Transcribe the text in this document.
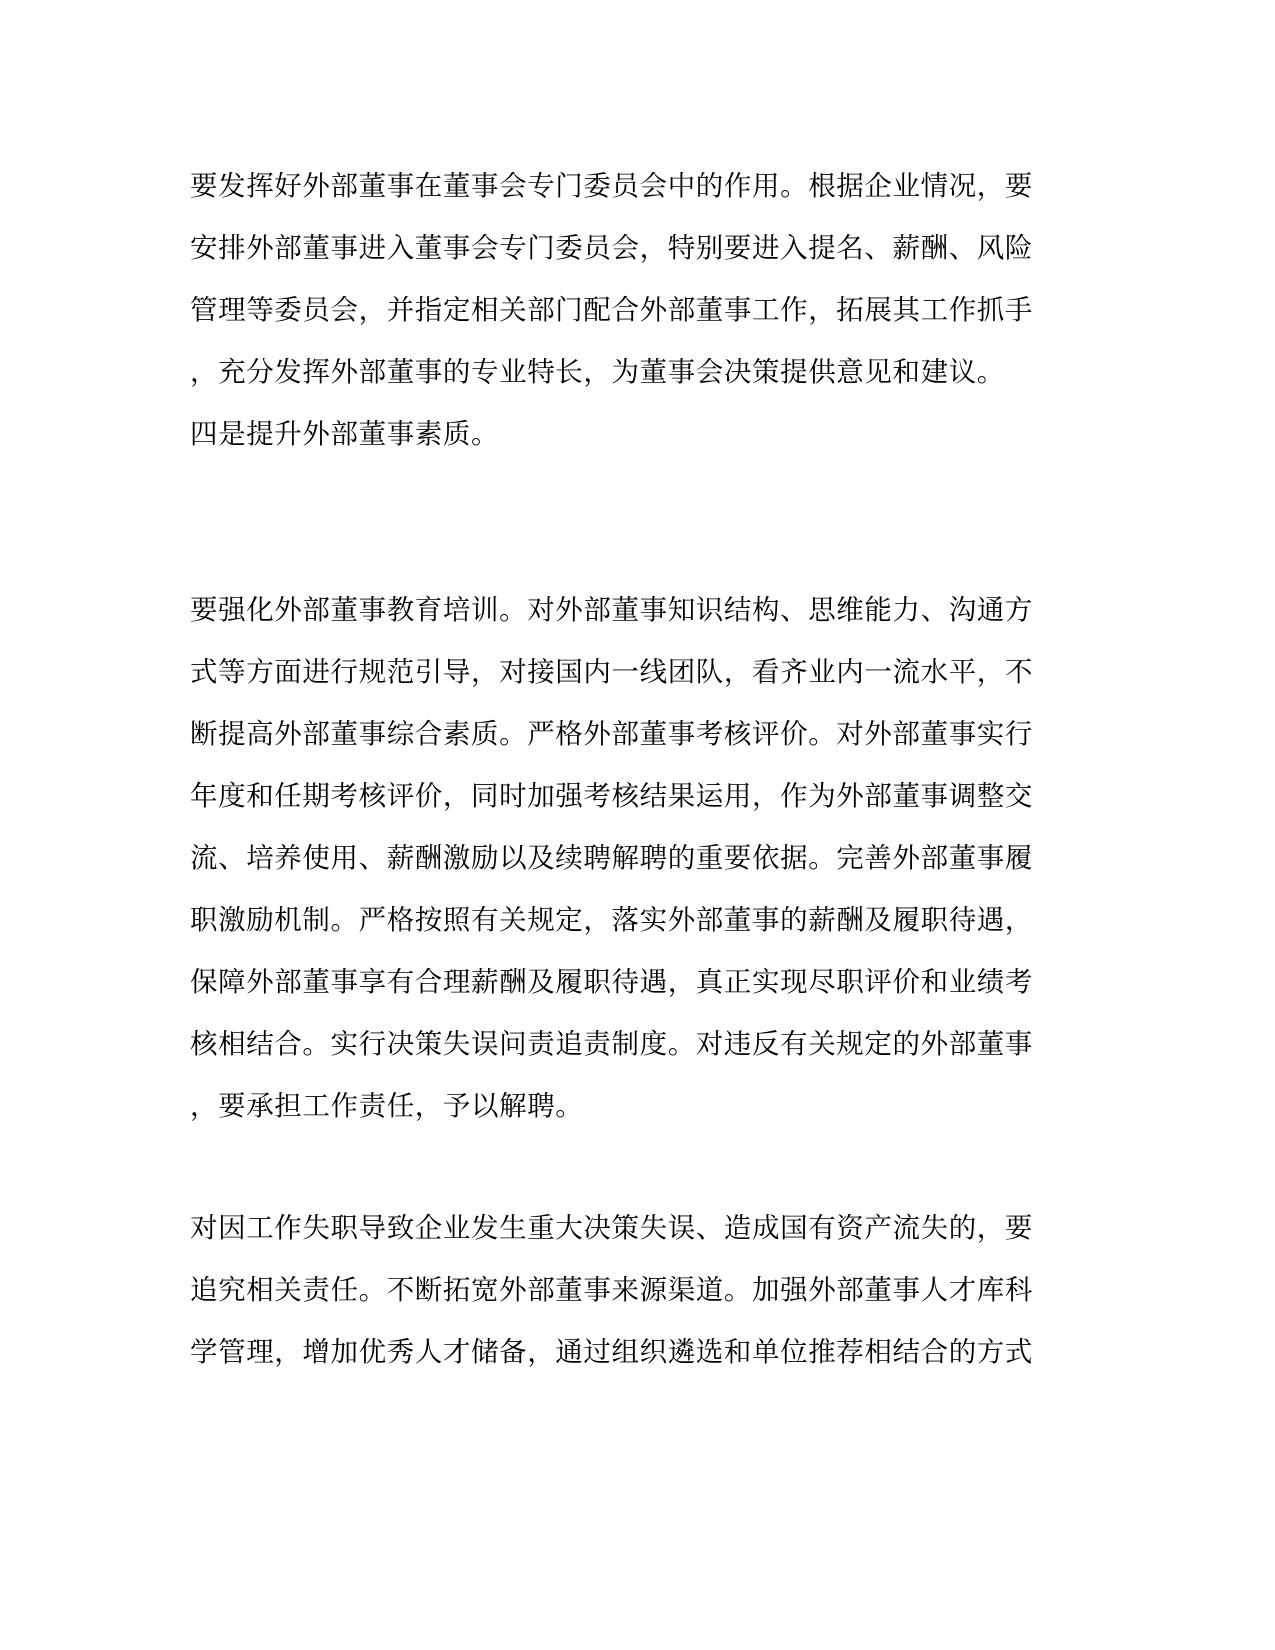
要发挥好外部董事在董事会专门委员会中的作用。根据企业情况，要
安排外部董事进入董事会专门委员会，特别要进入提名、薪酬、风险
管理等委员会，并指定相关部门配合外部董事工作，拓展其工作抓手
，充分发挥外部董事的专业特长，为董事会决策提供意见和建议。
四是提升外部董事素质。
要强化外部董事教育培训。对外部董事知识结构、思维能力、沟通方
式等方面进行规范引导，对接国内一线团队，看齐业内一流水平，不
断提高外部董事综合素质。严格外部董事考核评价。对外部董事实行
年度和任期考核评价，同时加强考核结果运用，作为外部董事调整交
流、培养使用、薪酬激励以及续聘解聘的重要依据。完善外部董事履
职激励机制。严格按照有关规定，落实外部董事的薪酬及履职待遇，
保障外部董事享有合理薪酬及履职待遇，真正实现尽职评价和业绩考
核相结合。实行决策失误问责追责制度。对违反有关规定的外部董事
，要承担工作责任，予以解聘。
对因工作失职导致企业发生重大决策失误、造成国有资产流失的，要
追究相关责任。不断拓宽外部董事来源渠道。加强外部董事人才库科
学管理，增加优秀人才储备，通过组织遴选和单位推荐相结合的方式
